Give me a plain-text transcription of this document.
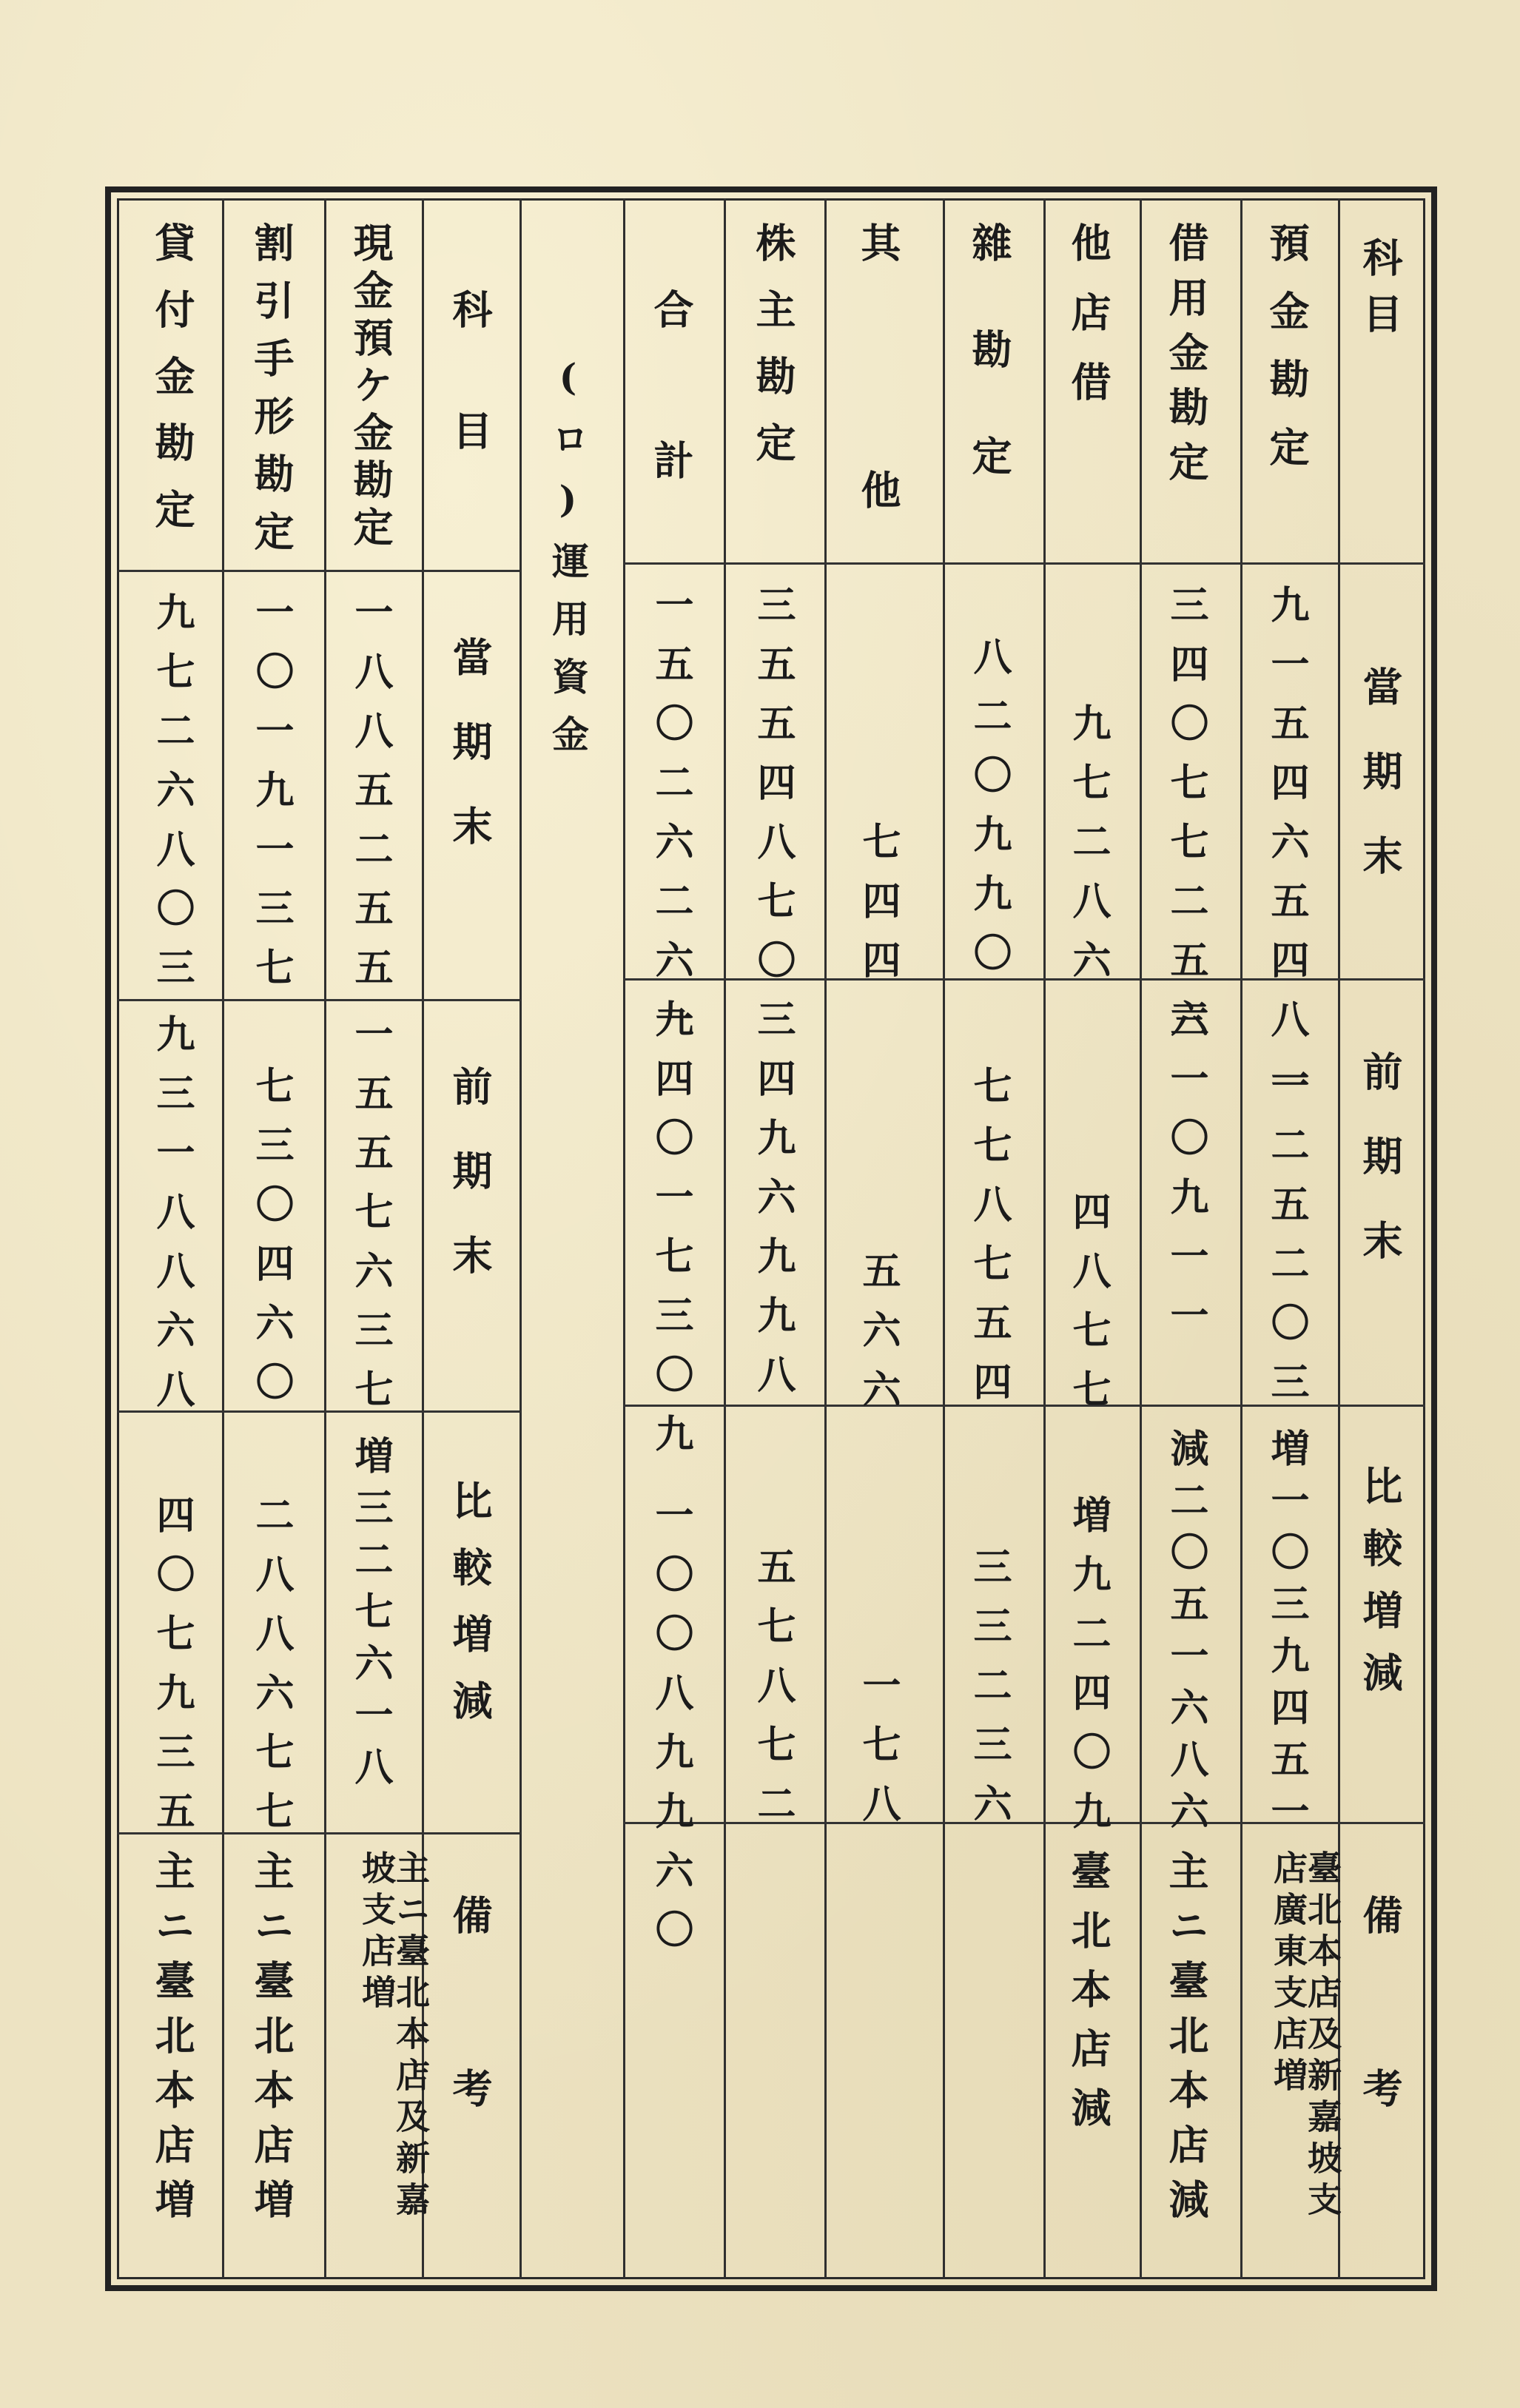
科目
當期末
前期末
比較増減
備考
預金勘定
九一五四六五四八一
一二五二〇三
増一〇三九四五一
臺北本店及新嘉坡支店廣東支店増
借用金勘定
三四〇七七二五三
六一〇九一一
減二〇五一六八六
主ニ臺北本店減
他店借
九七二八六
四八七七
増九二四〇九
臺北本店減
雜勘定
八二〇九九〇
七七八七五四
三三二三六
其他
七四四
五六六
一七八
株主勘定
三五五四八七〇
三四九六九九八
五七八七二
合計
一五〇二六二六九
一四〇一七三〇九
一〇〇八九九六〇
(ロ)運用資金
科目
當期末
前期末
比較増減
備考
現金預ケ金勘定
一八八五二五五
一五五七六三七
増三二七六一八
主ニ臺北本店及新嘉坡支店増
割引手形勘定
一〇一九一三七
七三〇四六〇
二八八六七七
主ニ臺北本店増
貸付金勘定
九七二六八〇三
九三一八八六八
四〇七九三五
主ニ臺北本店増
